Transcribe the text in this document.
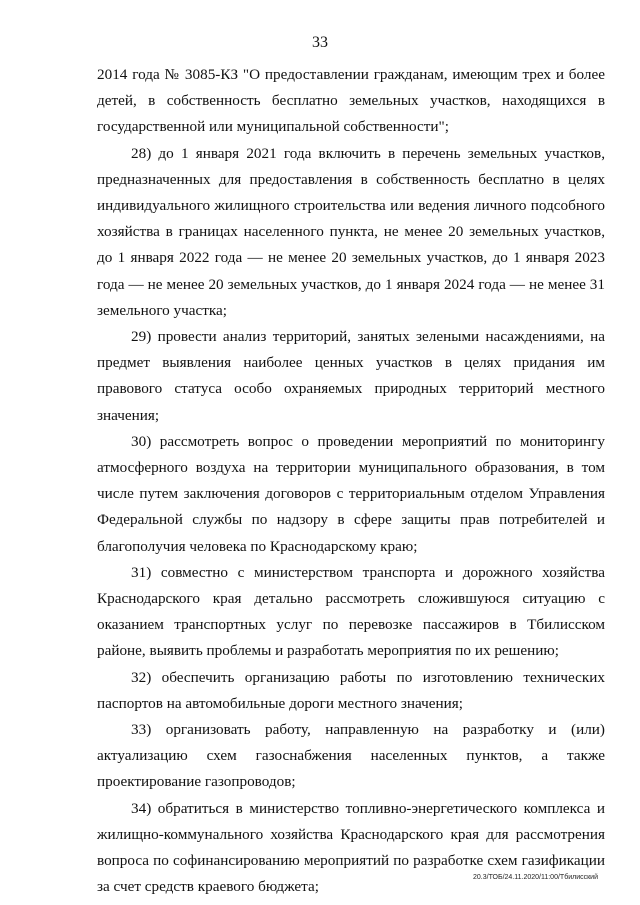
33

2014 года № 3085-КЗ "О предоставлении гражданам, имеющим трех и более детей, в собственность бесплатно земельных участков, находящихся в государственной или муниципальной собственности";

28) до 1 января 2021 года включить в перечень земельных участков, предназначенных для предоставления в собственность бесплатно в целях индивидуального жилищного строительства или ведения личного подсобного хозяйства в границах населенного пункта, не менее 20 земельных участков, до 1 января 2022 года — не менее 20 земельных участков, до 1 января 2023 года — не менее 20 земельных участков, до 1 января 2024 года — не менее 31 земельного участка;

29) провести анализ территорий, занятых зелеными насаждениями, на предмет выявления наиболее ценных участков в целях придания им правового статуса особо охраняемых природных территорий местного значения;

30) рассмотреть вопрос о проведении мероприятий по мониторингу атмосферного воздуха на территории муниципального образования, в том числе путем заключения договоров с территориальным отделом Управления Федеральной службы по надзору в сфере защиты прав потребителей и благополучия человека по Краснодарскому краю;

31) совместно с министерством транспорта и дорожного хозяйства Краснодарского края детально рассмотреть сложившуюся ситуацию с оказанием транспортных услуг по перевозке пассажиров в Тбилисском районе, выявить проблемы и разработать мероприятия по их решению;

32) обеспечить организацию работы по изготовлению технических паспортов на автомобильные дороги местного значения;

33) организовать работу, направленную на разработку и (или) актуализацию схем газоснабжения населенных пунктов, а также проектирование газопроводов;

34) обратиться в министерство топливно-энергетического комплекса и жилищно-коммунального хозяйства Краснодарского края для рассмотрения вопроса по софинансированию мероприятий по разработке схем газификации за счет средств краевого бюджета;

20.3/ТОБ/24.11.2020/11:00/Тбилисский
